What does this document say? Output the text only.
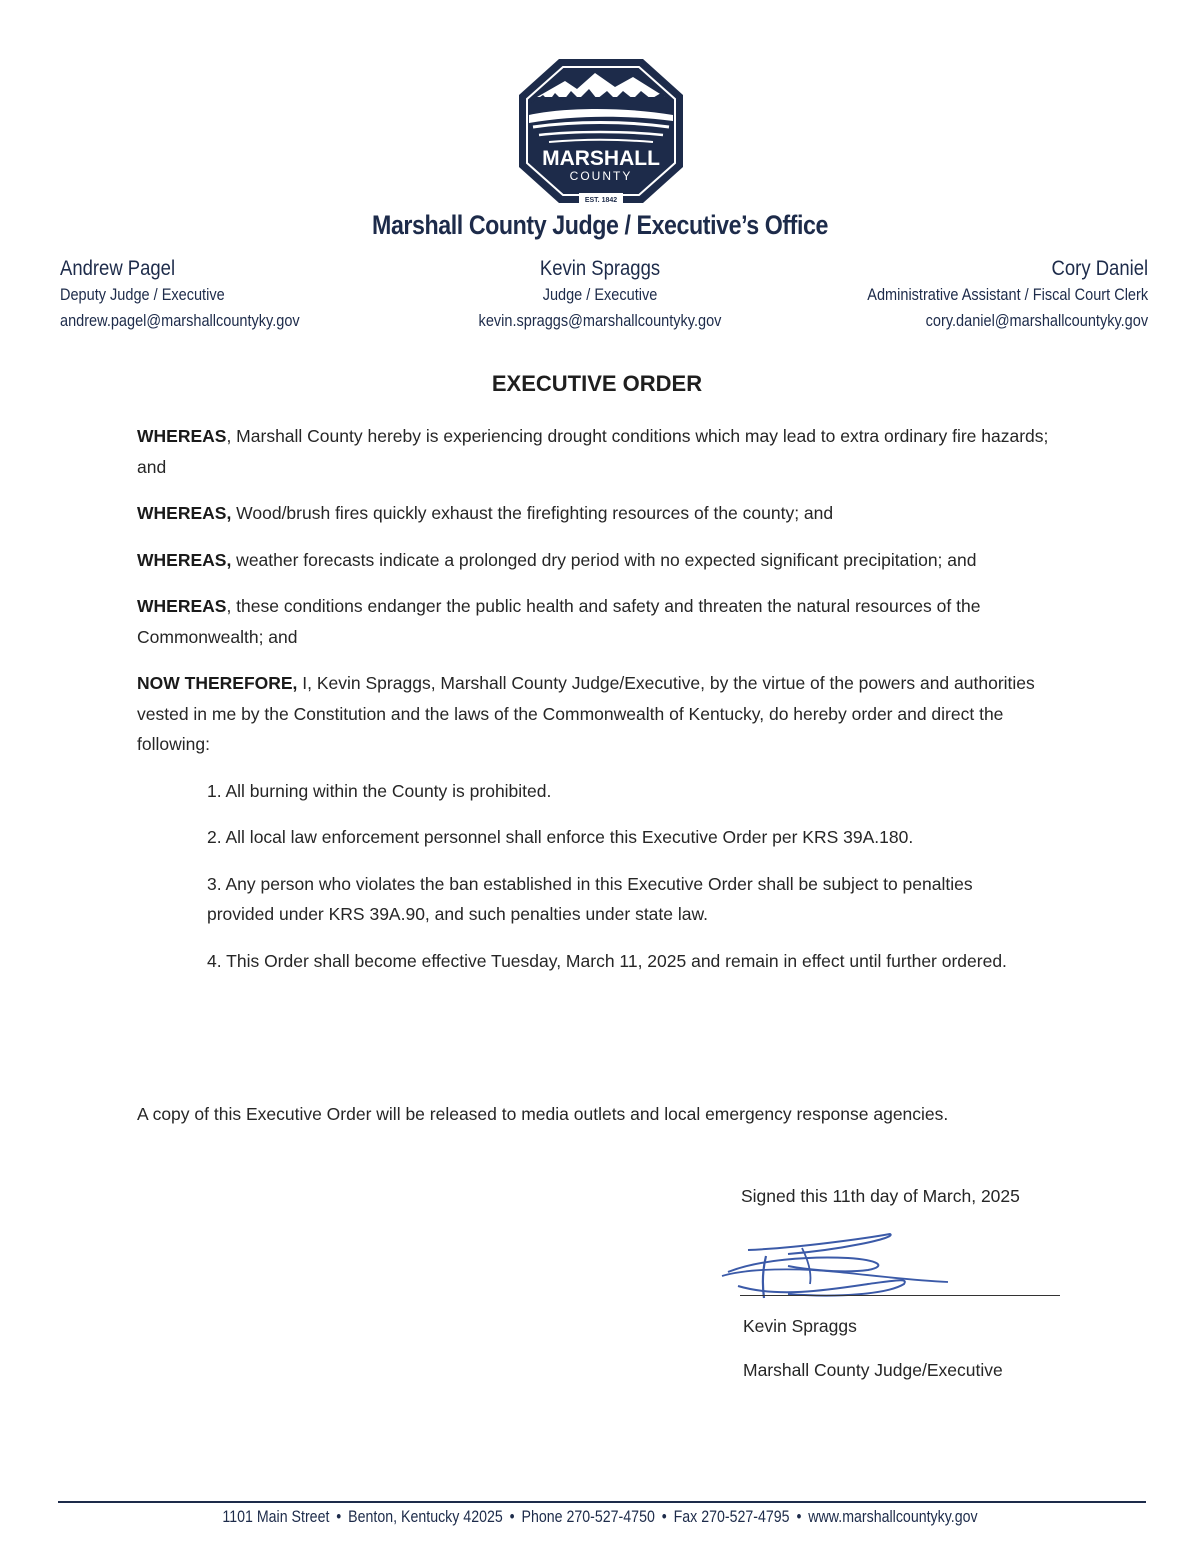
MARSHALL
COUNTY
EST. 1842
Marshall County Judge / Executive’s Office
Andrew Pagel
Deputy Judge / Executive
andrew.pagel@marshallcountyky.gov
Kevin Spraggs
Judge / Executive
kevin.spraggs@marshallcountyky.gov
Cory Daniel
Administrative Assistant / Fiscal Court Clerk
cory.daniel@marshallcountyky.gov
EXECUTIVE ORDER

WHEREAS, Marshall County hereby is experiencing drought conditions which may lead to extra ordinary fire hazards; and

WHEREAS, Wood/brush fires quickly exhaust the firefighting resources of the county; and

WHEREAS, weather forecasts indicate a prolonged dry period with no expected significant precipitation; and

WHEREAS, these conditions endanger the public health and safety and threaten the natural resources of the Commonwealth; and

NOW THEREFORE, I, Kevin Spraggs, Marshall County Judge/Executive, by the virtue of the powers and authorities vested in me by the Constitution and the laws of the Commonwealth of Kentucky, do hereby order and direct the following:

1. All burning within the County is prohibited.
2. All local law enforcement personnel shall enforce this Executive Order per KRS 39A.180.
3. Any person who violates the ban established in this Executive Order shall be subject to penalties provided under KRS 39A.90, and such penalties under state law.
4. This Order shall become effective Tuesday, March 11, 2025 and remain in effect until further ordered.
A copy of this Executive Order will be released to media outlets and local emergency response agencies.
Signed this 11th day of March, 2025
Kevin Spraggs
Marshall County Judge/Executive
1101 Main Street • Benton, Kentucky 42025 • Phone 270-527-4750 • Fax 270-527-4795 • www.marshallcountyky.gov
